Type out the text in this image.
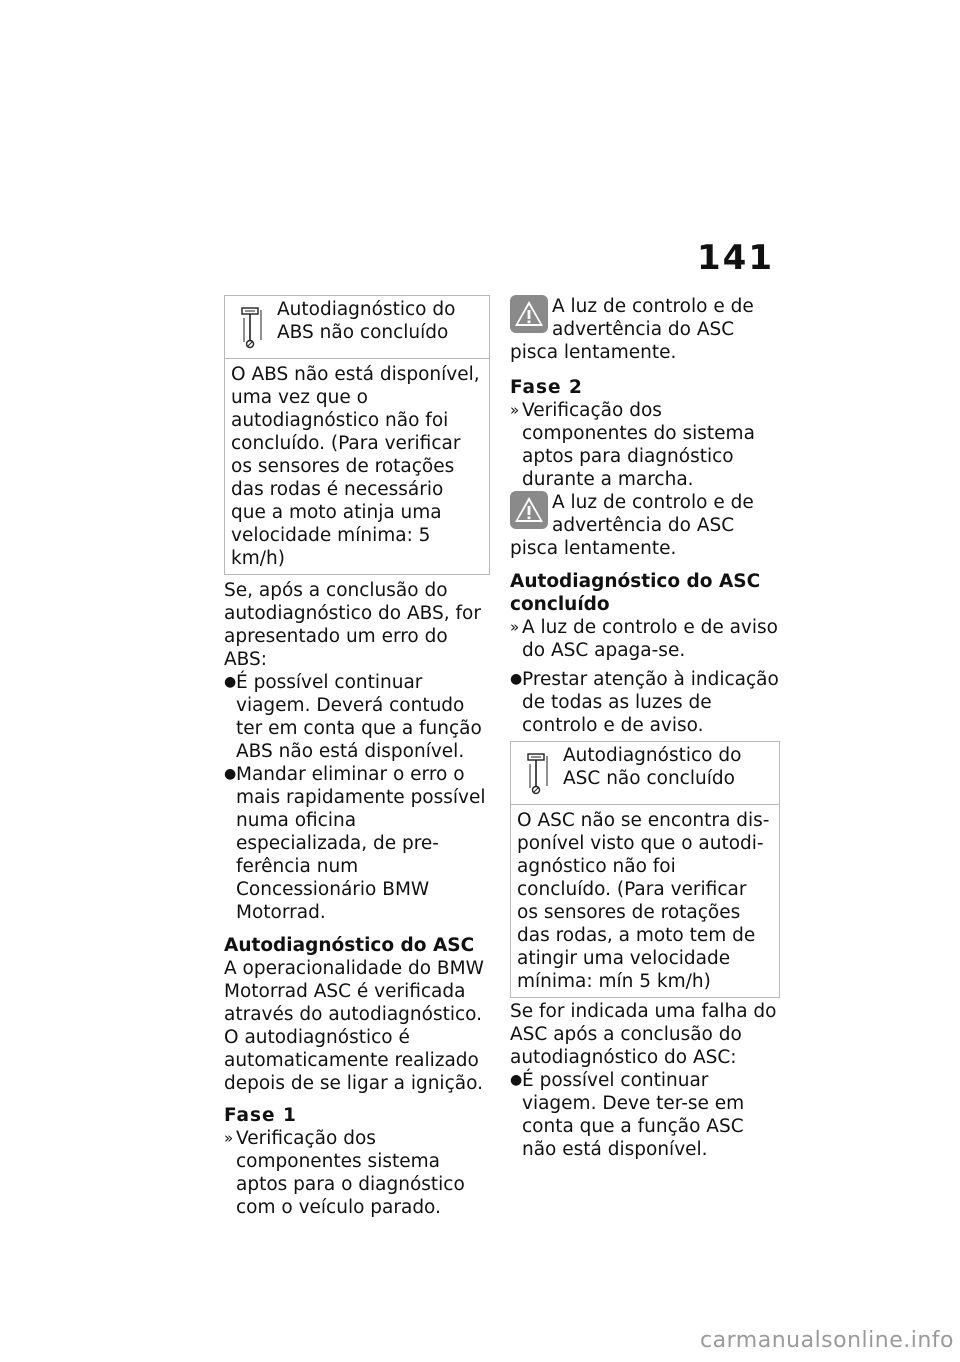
141
Autodiagnóstico do ABS não concluído
O ABS não está disponível, uma vez que o autodiagnóstico não foi concluído. (Para verificar os sensores de rotações das rodas é necessário que a moto atinja uma velocidade mínima: 5 km/h)

Se, após a conclusão do autodiagnóstico do ABS, for apresentado um erro do ABS:

● É possível continuar viagem. Deverá contudo ter em conta que a função ABS não está disponível.
● Mandar eliminar o erro o mais rapidamente possível numa oficina especializada, de preferência num Concessionário BMW Motorrad.

Autodiagnóstico do ASC

A operacionalidade do BMW Motorrad ASC é verificada através do autodiagnóstico. O autodiagnóstico é automaticamente realizado depois de se ligar a ignição.

Fase 1

» Verificação dos componentes sistema aptos para o diagnóstico com o veículo parado.
A luz de controlo e de advertência do ASC pisca lentamente.

Fase 2

» Verificação dos componentes do sistema aptos para diagnóstico durante a marcha.
A luz de controlo e de advertência do ASC pisca lentamente.

Autodiagnóstico do ASC concluído

» A luz de controlo e de aviso do ASC apaga-se.
● Prestar atenção à indicação de todas as luzes de controlo e de aviso.
Autodiagnóstico do ASC não concluído
O ASC não se encontra disponível visto que o autodiagnóstico não foi concluído. (Para verificar os sensores de rotações das rodas, a moto tem de atingir uma velocidade mínima: mín 5 km/h)

Se for indicada uma falha do ASC após a conclusão do autodiagnóstico do ASC:

● É possível continuar viagem. Deve ter-se em conta que a função ASC não está disponível.
carmanualsonline.info
